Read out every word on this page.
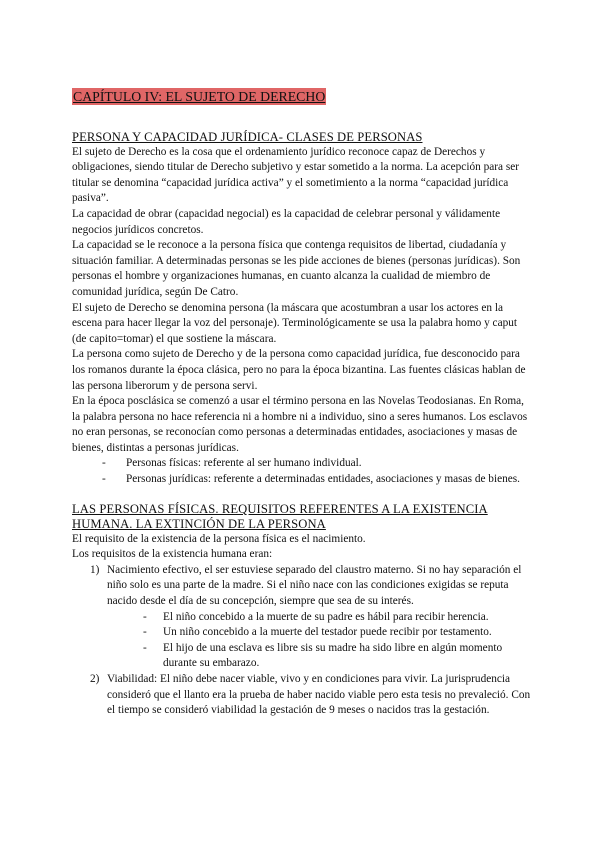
CAPÍTULO IV: EL SUJETO DE DERECHO
PERSONA Y CAPACIDAD JURÍDICA- CLASES DE PERSONAS

El sujeto de Derecho es la cosa que el ordenamiento jurídico reconoce capaz de Derechos y obligaciones, siendo titular de Derecho subjetivo y estar sometido a la norma. La acepción para ser titular se denomina “capacidad jurídica activa” y el sometimiento a la norma “capacidad jurídica pasiva”.

La capacidad de obrar (capacidad negocial) es la capacidad de celebrar personal y válidamente negocios jurídicos concretos.

La capacidad se le reconoce a la persona física que contenga requisitos de libertad, ciudadanía y situación familiar. A determinadas personas se les pide acciones de bienes (personas jurídicas). Son personas el hombre y organizaciones humanas, en cuanto alcanza la cualidad de miembro de comunidad jurídica, según De Catro.

El sujeto de Derecho se denomina persona (la máscara que acostumbran a usar los actores en la escena para hacer llegar la voz del personaje). Terminológicamente se usa la palabra homo y caput (de capito=tomar) el que sostiene la máscara.

La persona como sujeto de Derecho y de la persona como capacidad jurídica, fue desconocido para los romanos durante la época clásica, pero no para la época bizantina. Las fuentes clásicas hablan de las persona liberorum y de persona servi.

En la época posclásica se comenzó a usar el término persona en las Novelas Teodosianas. En Roma, la palabra persona no hace referencia ni a hombre ni a individuo, sino a seres humanos. Los esclavos no eran personas, se reconocían como personas a determinadas entidades, asociaciones y masas de bienes, distintas a personas jurídicas.

- Personas físicas: referente al ser humano individual.
- Personas jurídicas: referente a determinadas entidades, asociaciones y masas de bienes.
LAS PERSONAS FÍSICAS. REQUISITOS REFERENTES A LA EXISTENCIA HUMANA. LA EXTINCIÓN DE LA PERSONA

El requisito de la existencia de la persona física es el nacimiento.

Los requisitos de la existencia humana eran:

1) Nacimiento efectivo, el ser estuviese separado del claustro materno. Si no hay separación el niño solo es una parte de la madre. Si el niño nace con las condiciones exigidas se reputa nacido desde el día de su concepción, siempre que sea de su interés.
- El niño concebido a la muerte de su padre es hábil para recibir herencia.
- Un niño concebido a la muerte del testador puede recibir por testamento.
- El hijo de una esclava es libre sis su madre ha sido libre en algún momento durante su embarazo.
2) Viabilidad: El niño debe nacer viable, vivo y en condiciones para vivir. La jurisprudencia consideró que el llanto era la prueba de haber nacido viable pero esta tesis no prevaleció. Con el tiempo se consideró viabilidad la gestación de 9 meses o nacidos tras la gestación.
